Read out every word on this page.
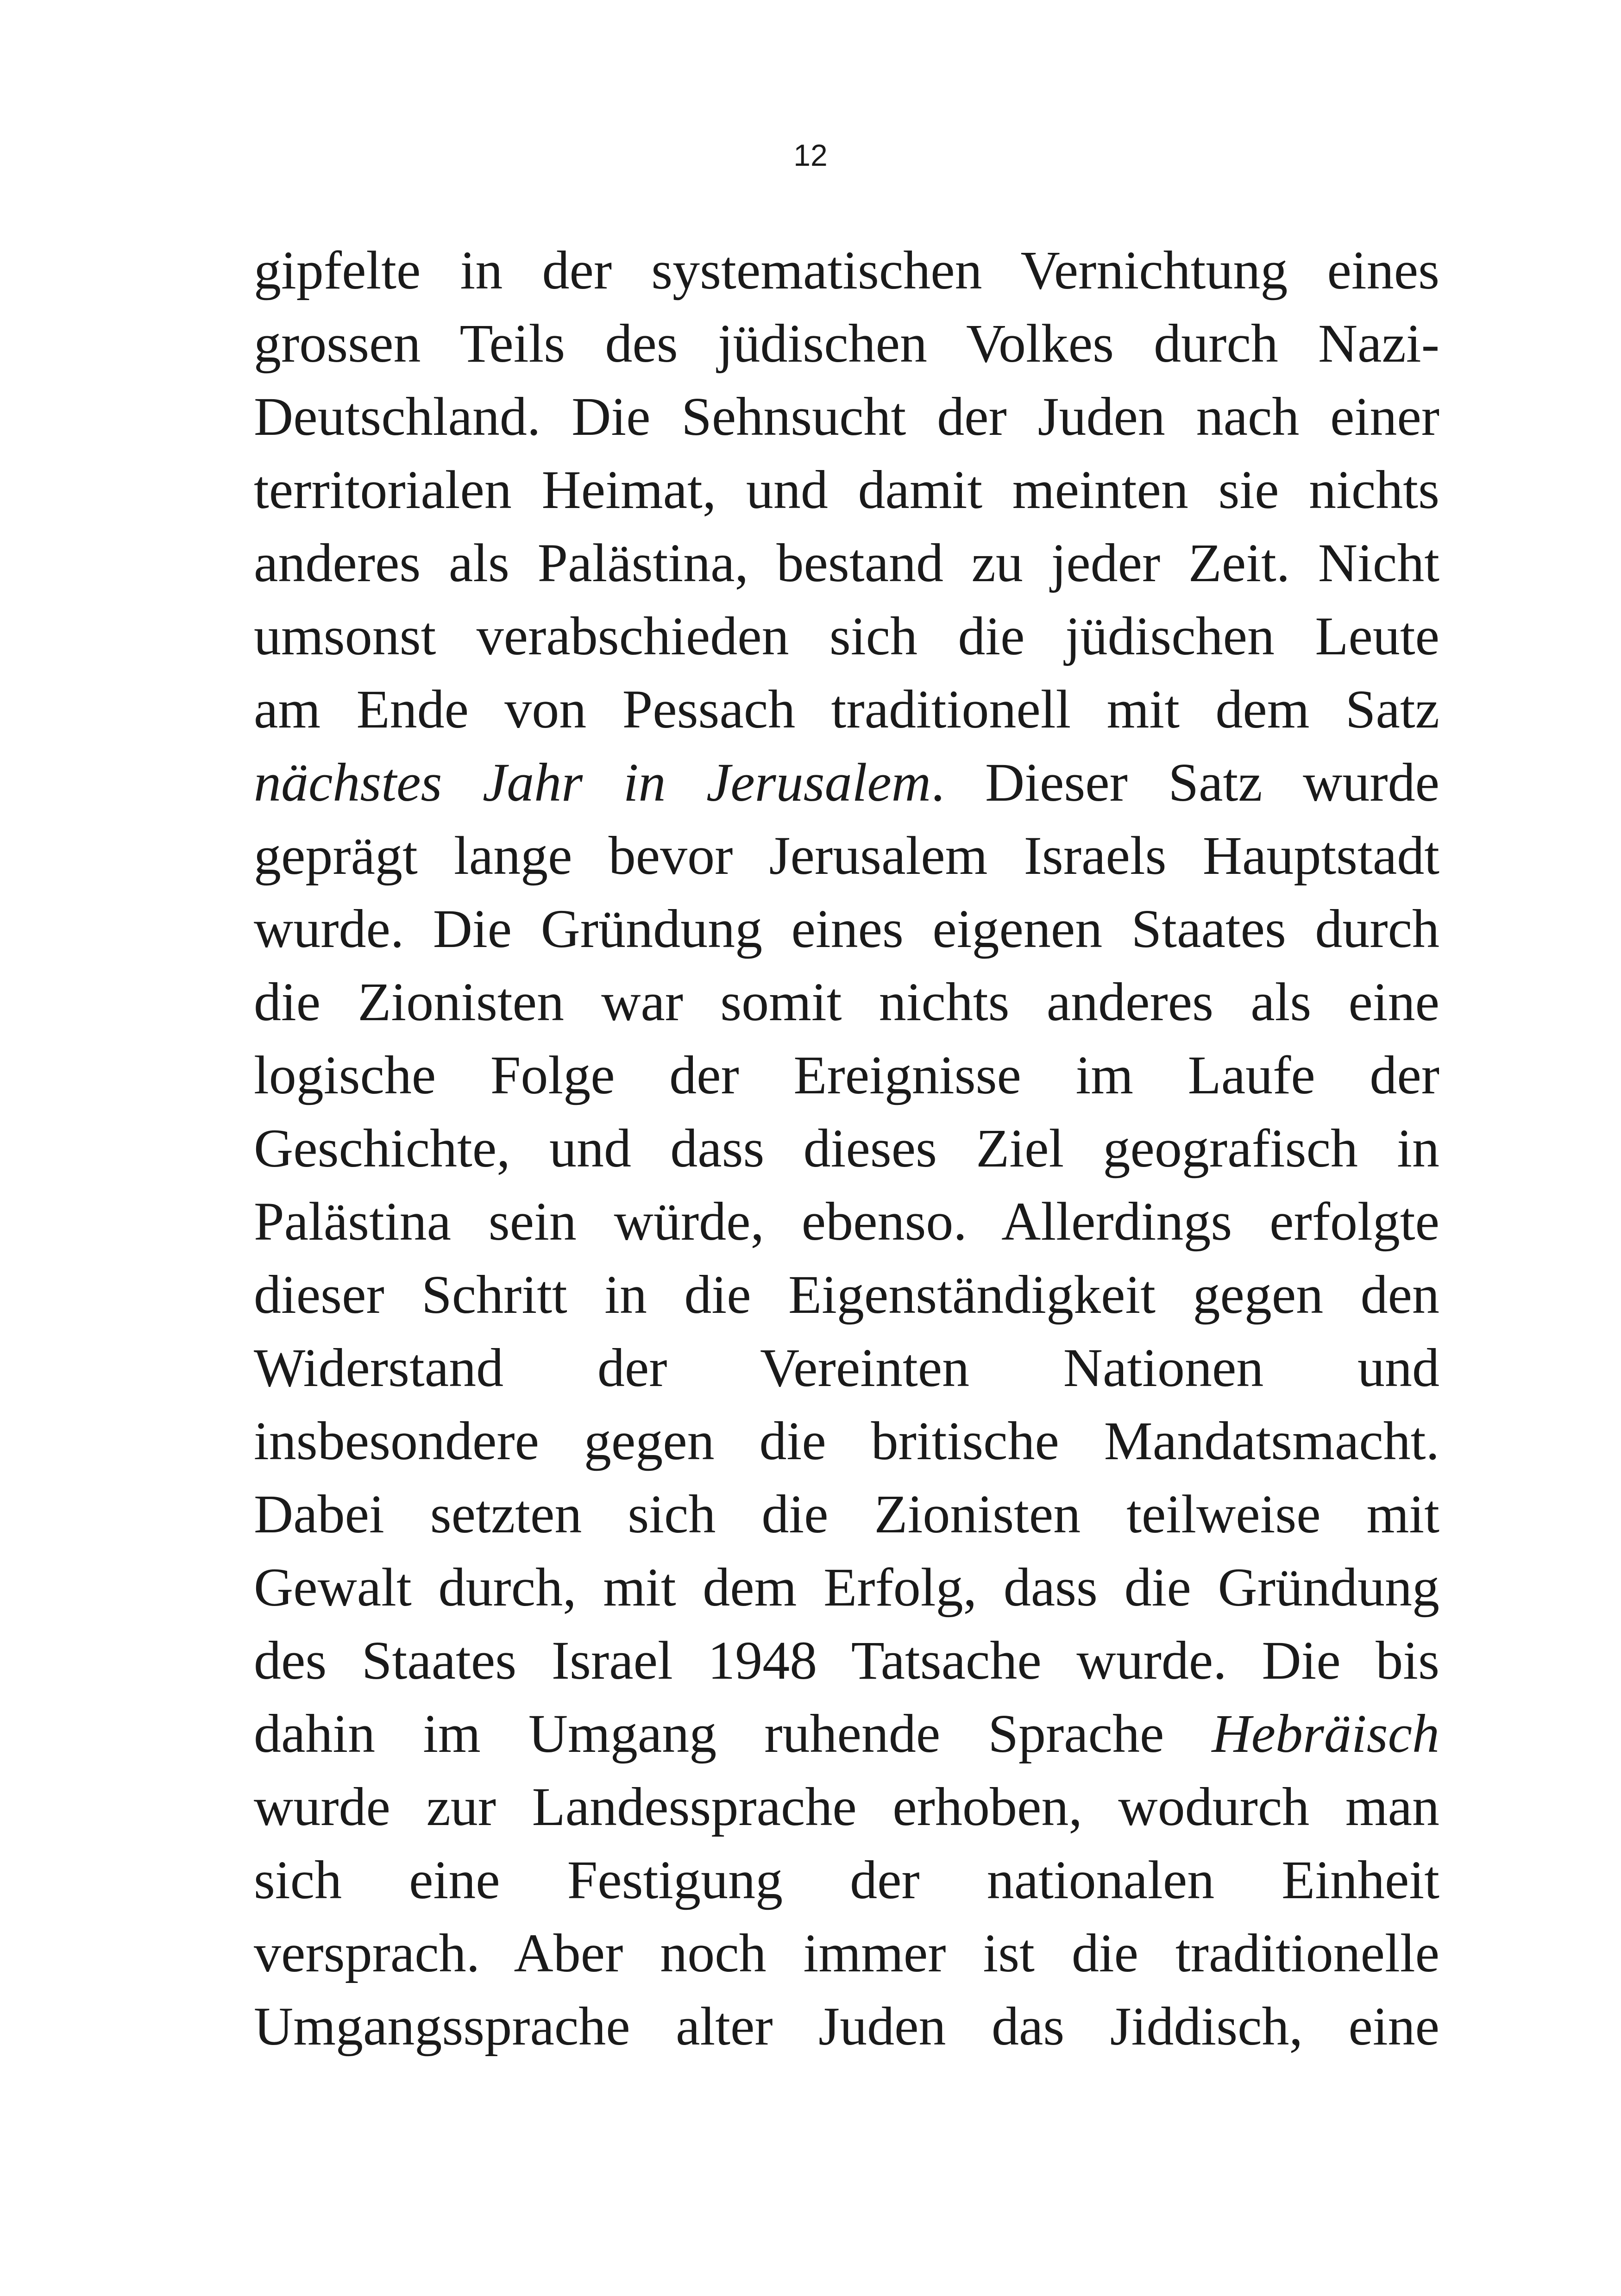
12
gipfelte in der systematischen Vernichtung eines
grossen Teils des jüdischen Volkes durch Nazi-
Deutschland. Die Sehnsucht der Juden nach einer
territorialen Heimat, und damit meinten sie nichts
anderes als Palästina, bestand zu jeder Zeit. Nicht
umsonst verabschieden sich die jüdischen Leute
am Ende von Pessach traditionell mit dem Satz
nächstes Jahr in Jerusalem. Dieser Satz wurde
geprägt lange bevor Jerusalem Israels Hauptstadt
wurde. Die Gründung eines eigenen Staates durch
die Zionisten war somit nichts anderes als eine
logische Folge der Ereignisse im Laufe der
Geschichte, und dass dieses Ziel geografisch in
Palästina sein würde, ebenso. Allerdings erfolgte
dieser Schritt in die Eigenständigkeit gegen den
Widerstand der Vereinten Nationen und
insbesondere gegen die britische Mandatsmacht.
Dabei setzten sich die Zionisten teilweise mit
Gewalt durch, mit dem Erfolg, dass die Gründung
des Staates Israel 1948 Tatsache wurde. Die bis
dahin im Umgang ruhende Sprache Hebräisch
wurde zur Landessprache erhoben, wodurch man
sich eine Festigung der nationalen Einheit
versprach. Aber noch immer ist die traditionelle
Umgangssprache alter Juden das Jiddisch, eine
